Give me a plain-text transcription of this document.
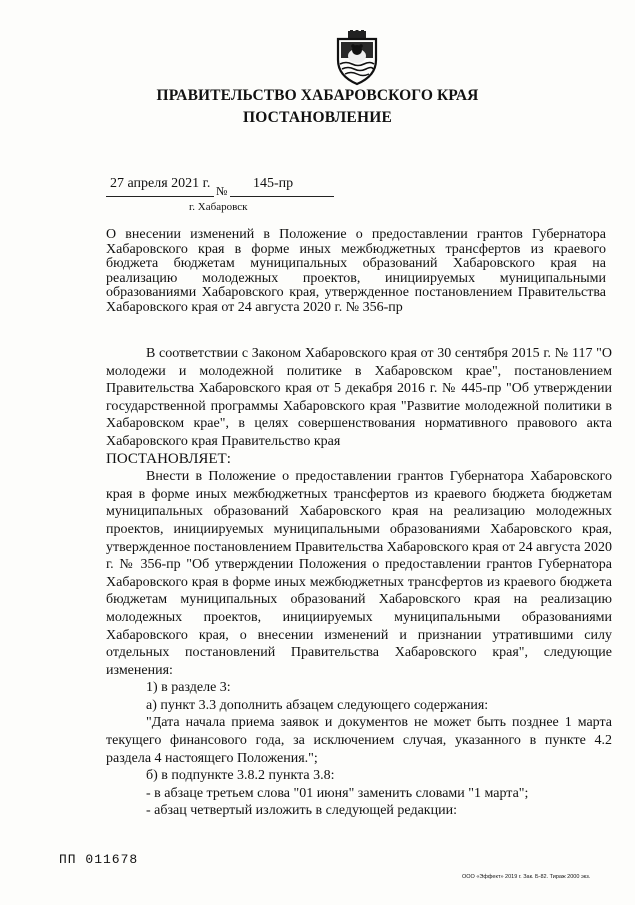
ПРАВИТЕЛЬСТВО ХАБАРОВСКОГО КРАЯ
ПОСТАНОВЛЕНИЕ
27 апреля 2021 г. № 145-пр
г. Хабаровск

О внесении изменений в Положение о предоставлении грантов Губернатора Хабаровского края в форме иных межбюджетных трансфертов из краевого бюджета бюджетам муниципальных образований Хабаровского края на реализацию молодежных проектов, инициируемых муниципальными образованиями Хабаровского края, утвержденное постановлением Правительства Хабаровского края от 24 августа 2020 г. № 356-пр

В соответствии с Законом Хабаровского края от 30 сентября 2015 г. № 117 "О молодежи и молодежной политике в Хабаровском крае", постановлением Правительства Хабаровского края от 5 декабря 2016 г. № 445-пр "Об утверждении государственной программы Хабаровского края "Развитие молодежной политики в Хабаровском крае", в целях совершенствования нормативного правового акта Хабаровского края Правительство края

ПОСТАНОВЛЯЕТ:

Внести в Положение о предоставлении грантов Губернатора Хабаровского края в форме иных межбюджетных трансфертов из краевого бюджета бюджетам муниципальных образований Хабаровского края на реализацию молодежных проектов, инициируемых муниципальными образованиями Хабаровского края, утвержденное постановлением Правительства Хабаровского края от 24 августа 2020 г. № 356-пр "Об утверждении Положения о предоставлении грантов Губернатора Хабаровского края в форме иных межбюджетных трансфертов из краевого бюджета бюджетам муниципальных образований Хабаровского края на реализацию молодежных проектов, инициируемых муниципальными образованиями Хабаровского края, о внесении изменений и признании утратившими силу отдельных постановлений Правительства Хабаровского края", следующие изменения:

1) в разделе 3:

а) пункт 3.3 дополнить абзацем следующего содержания:

"Дата начала приема заявок и документов не может быть позднее 1 марта текущего финансового года, за исключением случая, указанного в пункте 4.2 раздела 4 настоящего Положения.";

б) в подпункте 3.8.2 пункта 3.8:

- в абзаце третьем слова "01 июня" заменить словами "1 марта";

- абзац четвертый изложить в следующей редакции:

ПП 011678
ООО «Эффект» 2019 г. Зак. Б-82. Тираж 2000 экз.
